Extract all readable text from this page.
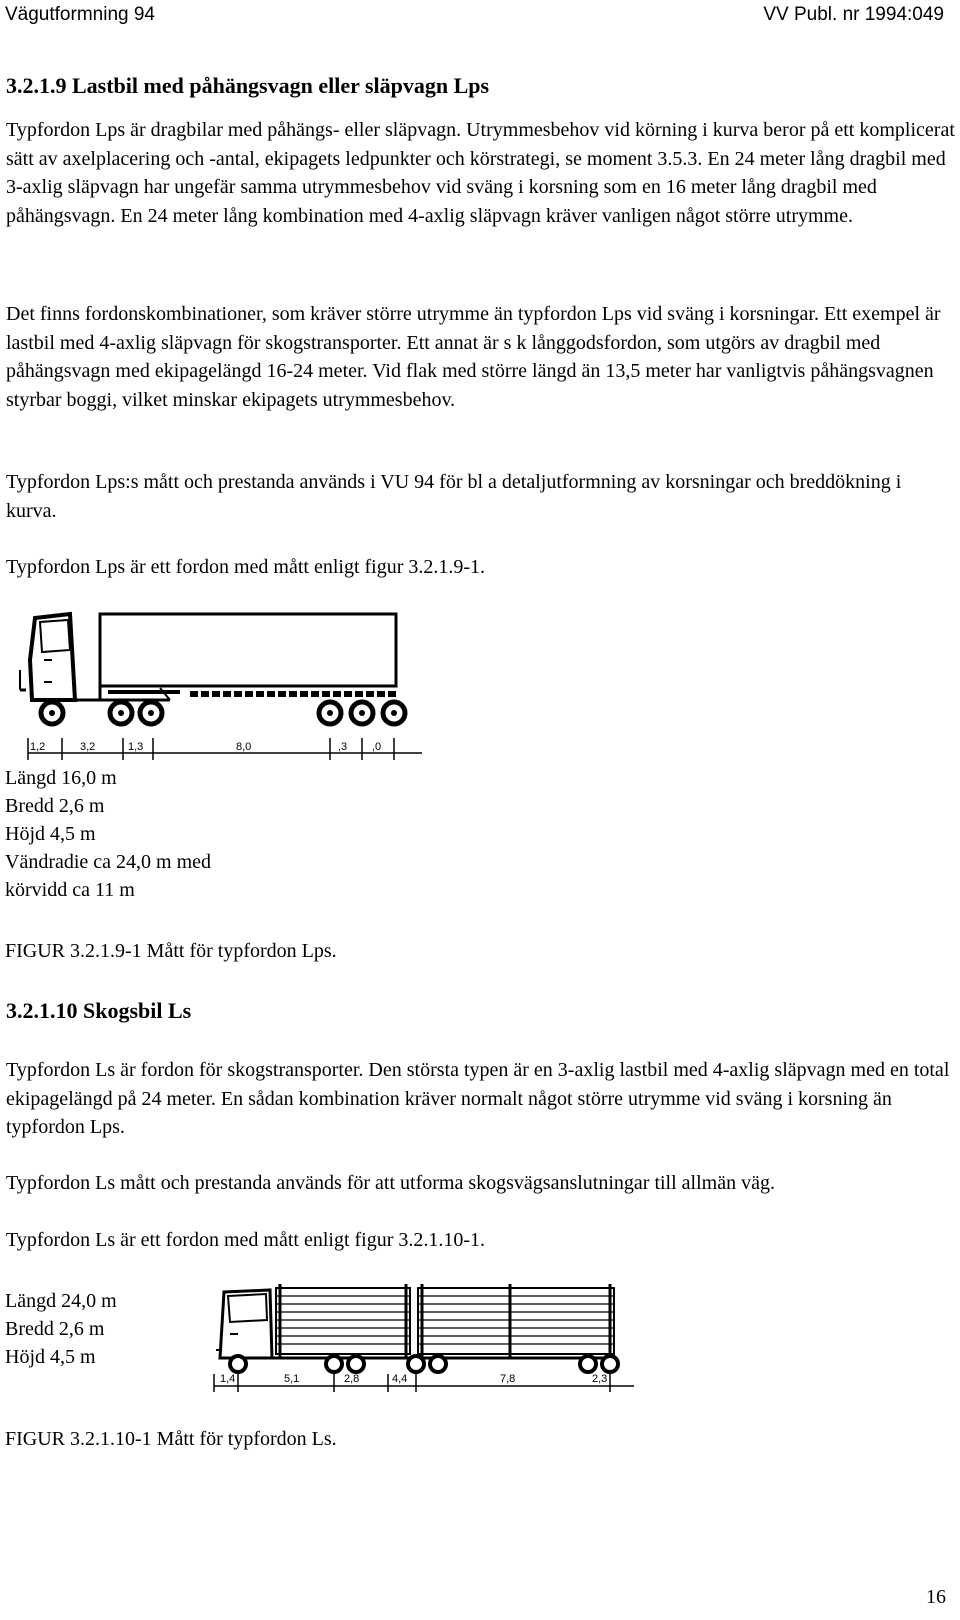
Vägutformning 94	VV Publ. nr 1994:049
3.2.1.9 Lastbil med påhängsvagn eller släpvagn Lps

Typfordon Lps är dragbilar med påhängs- eller släpvagn. Utrymmesbehov vid körning i kurva beror på ett komplicerat sätt av axelplacering och -antal, ekipagets ledpunkter och körstrategi, se moment 3.5.3. En 24 meter lång dragbil med 3-axlig släpvagn har ungefär samma utrymmesbehov vid sväng i korsning som en 16 meter lång dragbil med påhängsvagn. En 24 meter lång kombination med 4-axlig släpvagn kräver vanligen något större utrymme.

Det finns fordonskombinationer, som kräver större utrymme än typfordon Lps vid sväng i korsningar. Ett exempel är lastbil med 4-axlig släpvagn för skogstransporter. Ett annat är s k långgodsfordon, som utgörs av dragbil med påhängsvagn med ekipagelängd 16-24 meter. Vid flak med större längd än 13,5 meter har vanligtvis påhängsvagnen styrbar boggi, vilket minskar ekipagets utrymmesbehov.

Typfordon Lps:s mått och prestanda används i VU 94 för bl a detaljutformning av korsningar och breddökning i kurva.

Typfordon Lps är ett fordon med mått enligt figur 3.2.1.9-1.

1,2	3,2	1,3	8,0	,3 ,0
Längd 16,0 m
Bredd 2,6 m
Höjd 4,5 m
Vändradie ca 24,0 m med
körvidd ca 11 m
FIGUR 3.2.1.9-1 Mått för typfordon Lps.
3.2.1.10 Skogsbil Ls

Typfordon Ls är fordon för skogstransporter. Den största typen är en 3-axlig lastbil med 4-axlig släpvagn med en total ekipagelängd på 24 meter. En sådan kombination kräver normalt något större utrymme vid sväng i korsning än typfordon Lps.

Typfordon Ls mått och prestanda används för att utforma skogsvägsanslutningar till allmän väg.

Typfordon Ls är ett fordon med mått enligt figur 3.2.1.10-1.

Längd 24,0 m
Bredd 2,6 m
Höjd 4,5 m
1,4	5,1	2,8	4,4	7,8	2,3
FIGUR 3.2.1.10-1 Mått för typfordon Ls.
16
